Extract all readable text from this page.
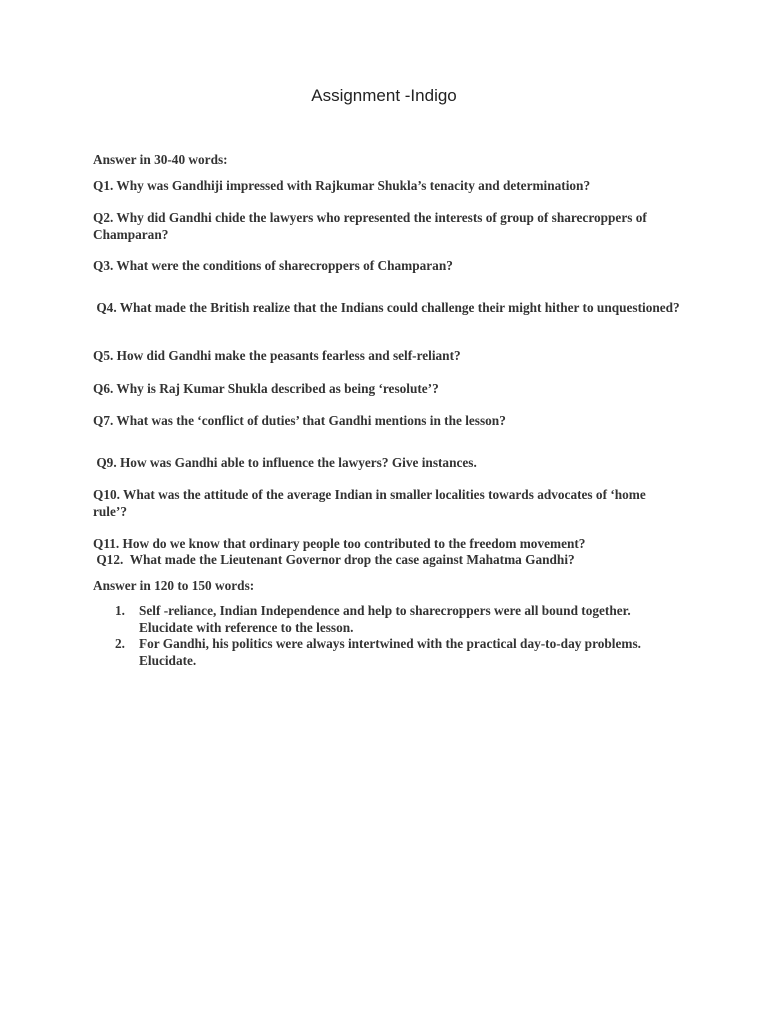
Assignment -Indigo
Answer in 30-40 words:
Q1. Why was Gandhiji impressed with Rajkumar Shukla’s tenacity and determination?
Q2. Why did Gandhi chide the lawyers who represented the interests of group of sharecroppers of Champaran?
Q3. What were the conditions of sharecroppers of Champaran?
Q4. What made the British realize that the Indians could challenge their might hither to unquestioned?
Q5. How did Gandhi make the peasants fearless and self-reliant?
Q6. Why is Raj Kumar Shukla described as being ‘resolute’?
Q7. What was the ‘conflict of duties’ that Gandhi mentions in the lesson?
Q9. How was Gandhi able to influence the lawyers? Give instances.
Q10. What was the attitude of the average Indian in smaller localities towards advocates of ‘home rule’?
Q11. How do we know that ordinary people too contributed to the freedom movement?
Q12.  What made the Lieutenant Governor drop the case against Mahatma Gandhi?
Answer in 120 to 150 words:
1.	Self -reliance, Indian Independence and help to sharecroppers were all bound together. Elucidate with reference to the lesson.
2.	For Gandhi, his politics were always intertwined with the practical day-to-day problems. Elucidate.
